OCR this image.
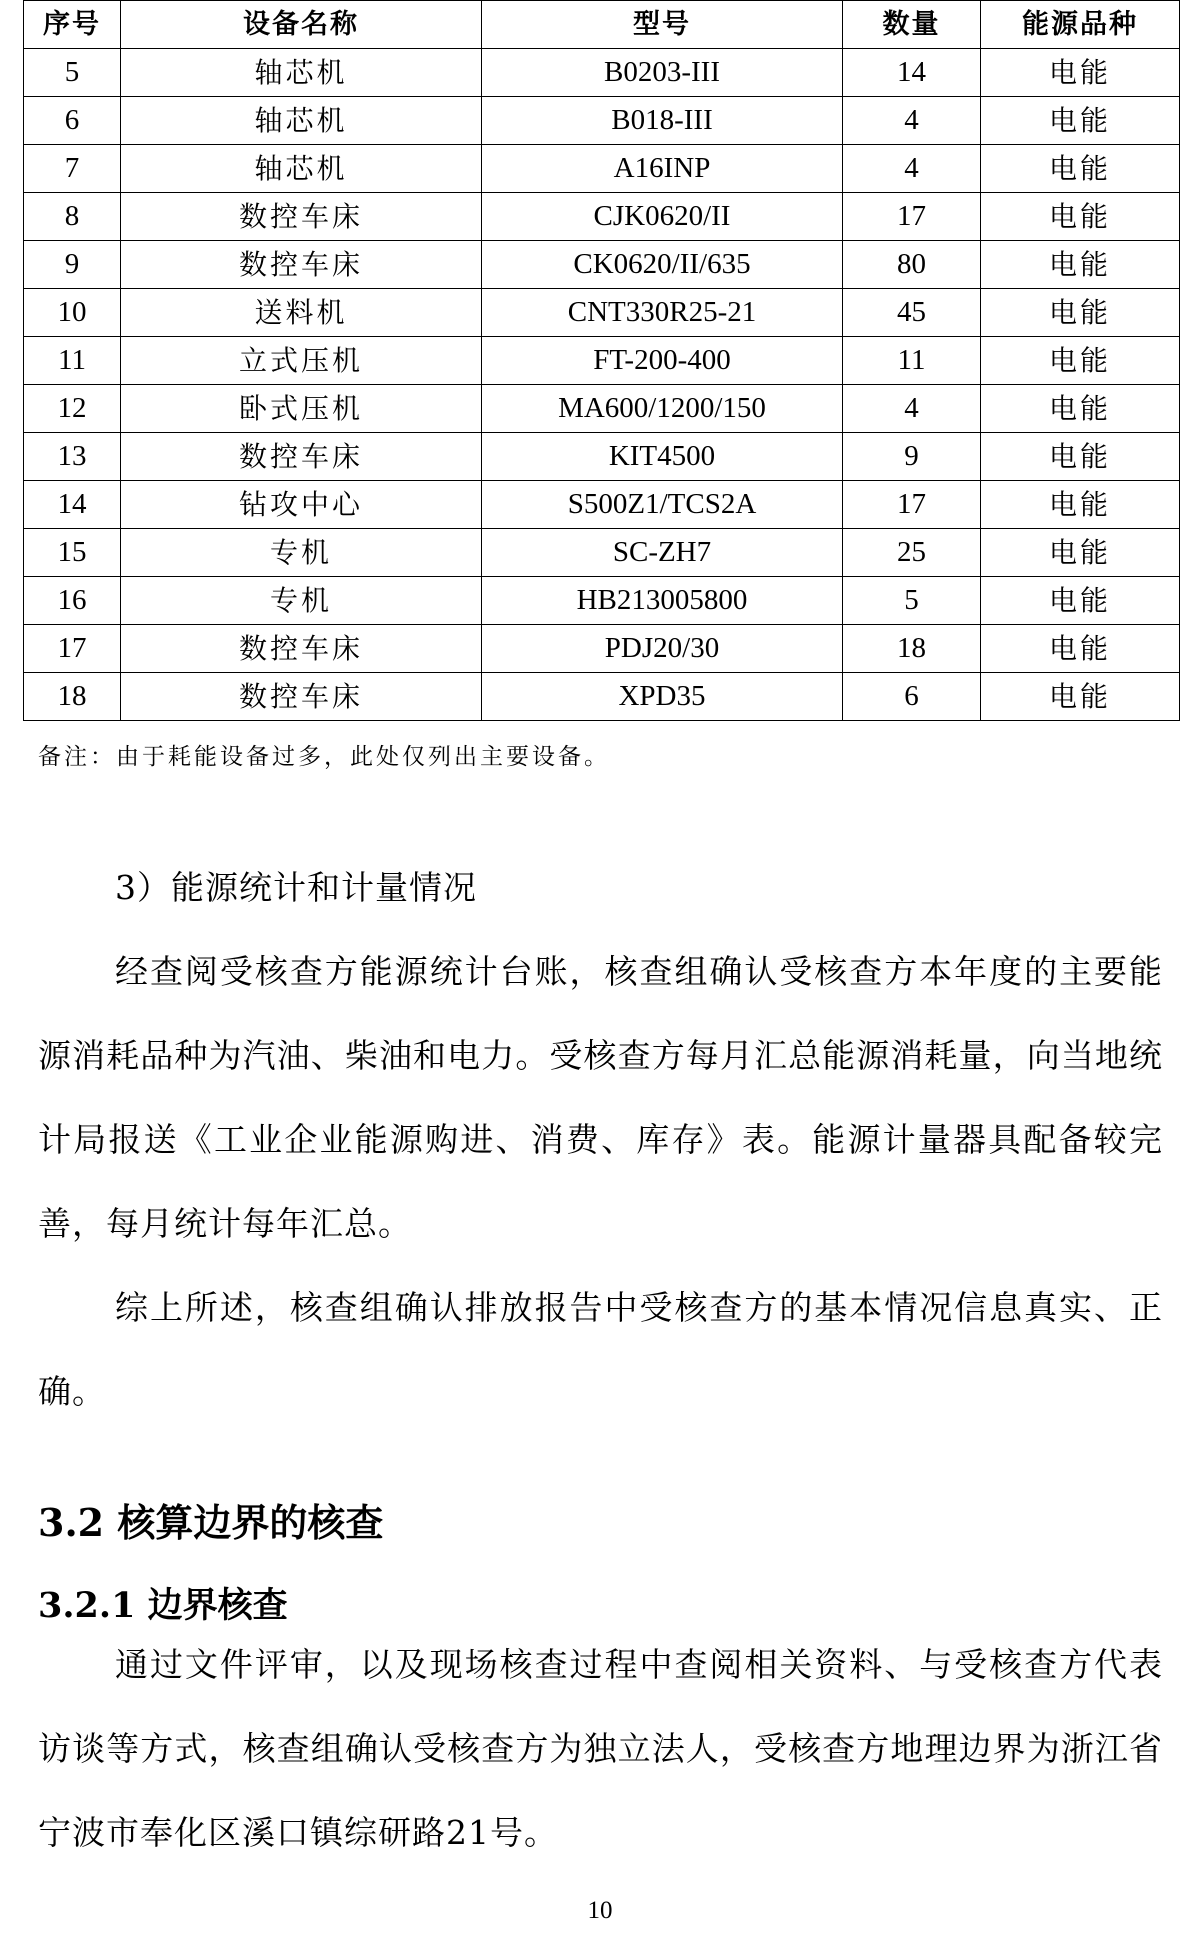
序号	设备名称	型号	数量	能源品种
5	轴芯机	B0203-III	14	电能
6	轴芯机	B018-III	4	电能
7	轴芯机	A16INP	4	电能
8	数控车床	CJK0620/II	17	电能
9	数控车床	CK0620/II/635	80	电能
10	送料机	CNT330R25-21	45	电能
11	立式压机	FT-200-400	11	电能
12	卧式压机	MA600/1200/150	4	电能
13	数控车床	KIT4500	9	电能
14	钻攻中心	S500Z1/TCS2A	17	电能
15	专机	SC-ZH7	25	电能
16	专机	HB213005800	5	电能
17	数控车床	PDJ20/30	18	电能
18	数控车床	XPD35	6	电能
备注：由于耗能设备过多，此处仅列出主要设备。

3）能源统计和计量情况

经查阅受核查方能源统计台账，核查组确认受核查方本年度的主要能源消耗品种为汽油、柴油和电力。受核查方每月汇总能源消耗量，向当地统计局报送《工业企业能源购进、消费、库存》表。能源计量器具配备较完善，每月统计每年汇总。

综上所述，核查组确认排放报告中受核查方的基本情况信息真实、正确。

3.2 核算边界的核查
3.2.1 边界核查

通过文件评审，以及现场核查过程中查阅相关资料、与受核查方代表访谈等方式，核查组确认受核查方为独立法人，受核查方地理边界为浙江省宁波市奉化区溪口镇综研路21号。

10
